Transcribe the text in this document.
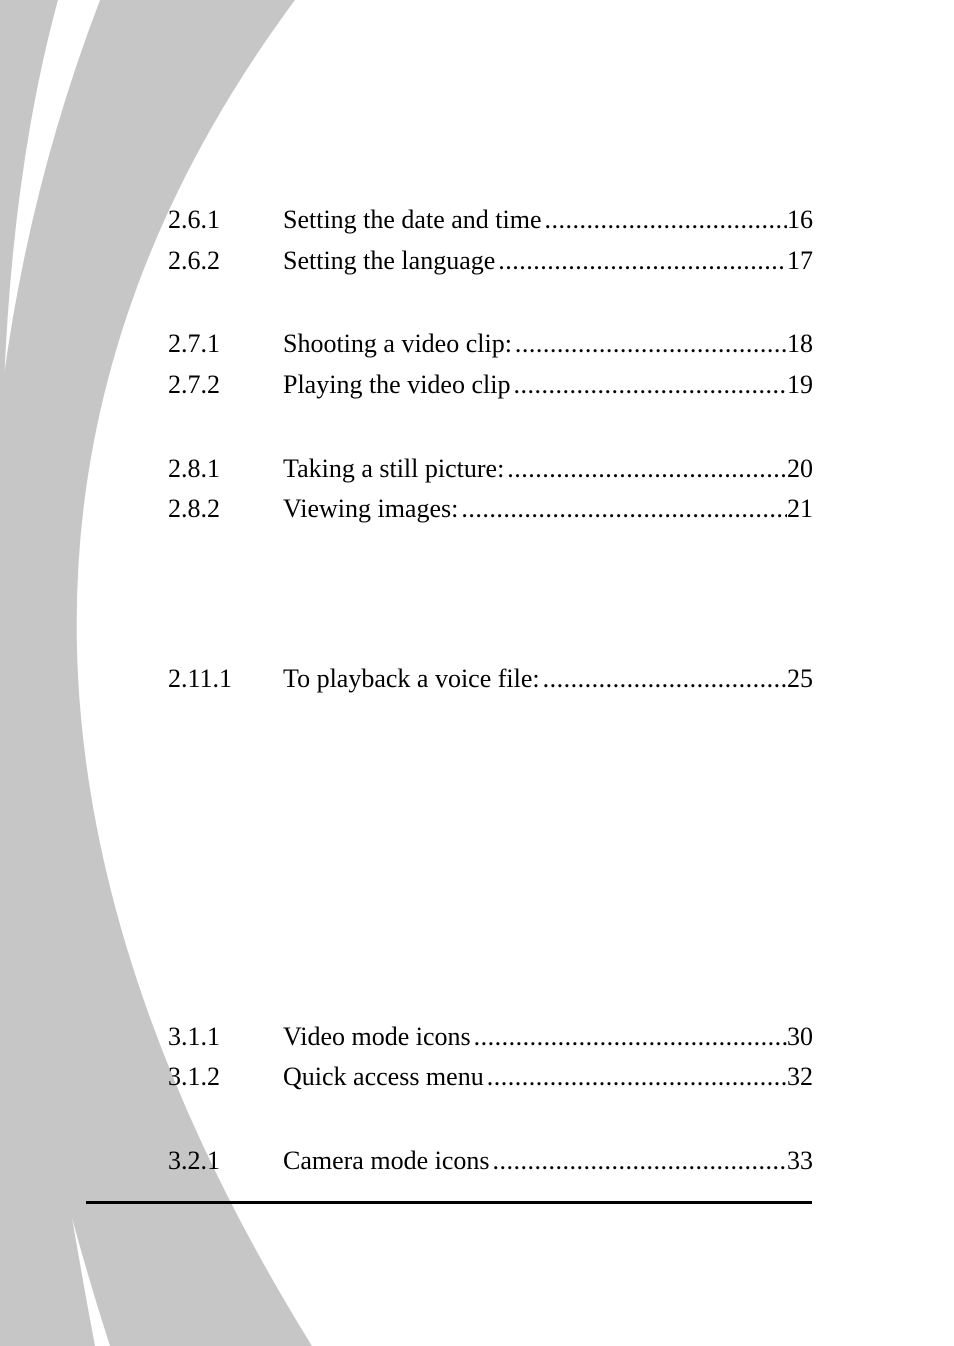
2.6.1	Setting the date and time .....	16
2.6.2	Setting the language .....	17
2.7.1	Shooting a video clip: .....	18
2.7.2	Playing the video clip .....	19
2.8.1	Taking a still picture: .....	20
2.8.2	Viewing images: .....	21
2.11.1	To playback a voice file: .....	25
3.1.1	Video mode icons .....	30
3.1.2	Quick access menu .....	32
3.2.1	Camera mode icons .....	33
